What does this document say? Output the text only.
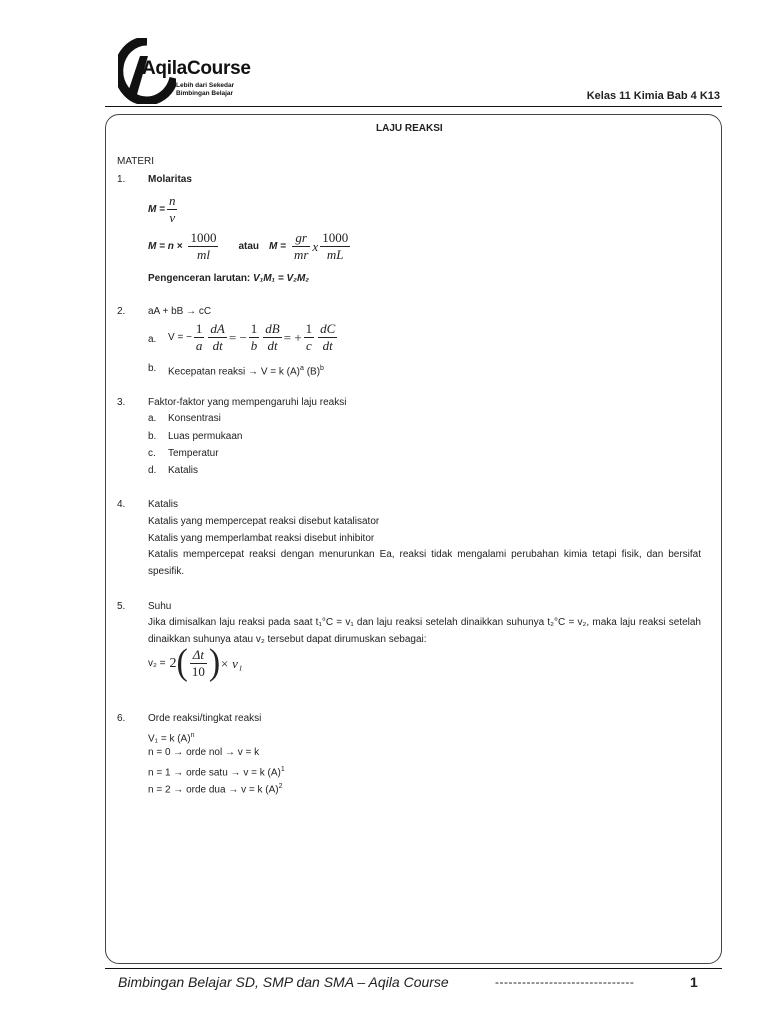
AqilaCourse
Lebih dari Sekedar
Bimbingan Belajar	Kelas 11 Kimia Bab 4 K13
LAJU REAKSI
MATERI
1. Molaritas
$M = \frac{n}{v}$
$M = n \times \frac{1000}{ml}$ atau $M = \frac{gr}{mr}$ x $\frac{1000}{mL}$
Pengenceran larutan: V₁M₁ = V₂M₂
2. aA + bB → cC
a. V = − $\frac{1}{a} \frac{dA}{dt}$ = − $\frac{1}{b} \frac{dB}{dt}$ = + $\frac{1}{c} \frac{dC}{dt}$
b. Kecepatan reaksi → V = k $(A)^a$ $(B)^b$
3. Faktor-faktor yang mempengaruhi laju reaksi
a. Konsentrasi
b. Luas permukaan
c. Temperatur
d. Katalis
4. Katalis
Katalis yang mempercepat reaksi disebut katalisator
Katalis yang memperlambat reaksi disebut inhibitor
Katalis mempercepat reaksi dengan menurunkan Ea, reaksi tidak mengalami perubahan kimia tetapi fisik, dan bersifat spesifik.
5. Suhu
Jika dimisalkan laju reaksi pada saat t₁°C = v₁ dan laju reaksi setelah dinaikkan suhunya t₂°C = v₂, maka laju reaksi setelah dinaikkan suhunya atau v₂ tersebut dapat dirumuskan sebagai:
v₂ = 2 ( $\frac{\Delta t}{10}$ ) × v₁
6. Orde reaksi/tingkat reaksi
V₁ = k $(A)^n$
n = 0 → orde nol → v = k
n = 1 → orde satu → v = k $(A)^1$
n = 2 → orde dua → v = k $(A)^2$
Bimbingan Belajar SD, SMP dan SMA – Aqila Course	-------------------------------	1
